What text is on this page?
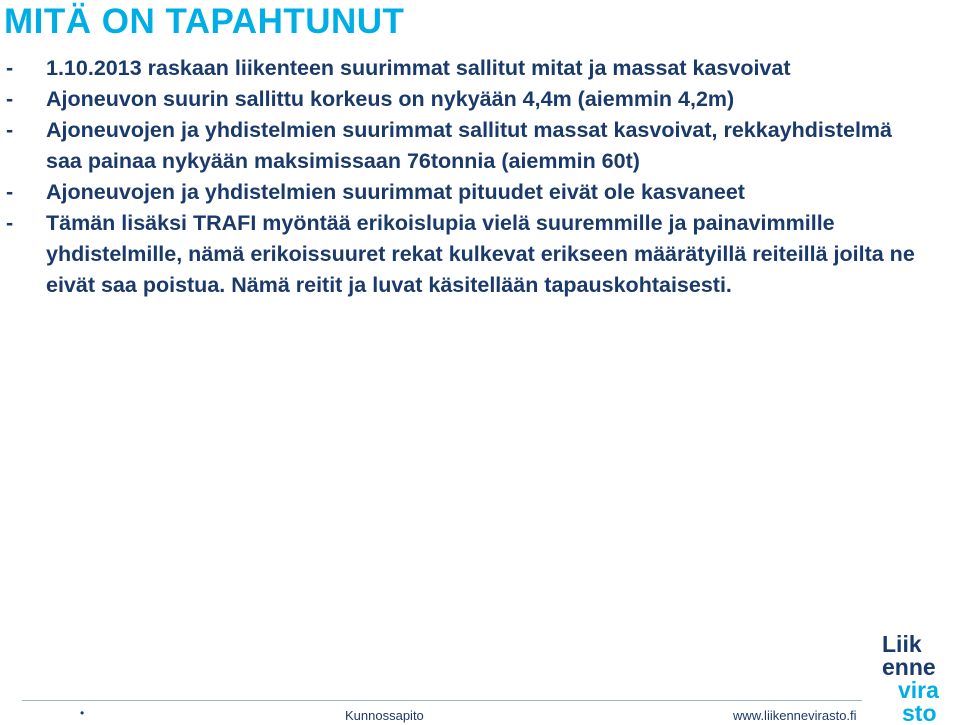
MITÄ ON TAPAHTUNUT
- 1.10.2013 raskaan liikenteen suurimmat sallitut mitat ja massat kasvoivat
- Ajoneuvon suurin sallittu korkeus on nykyään 4,4m (aiemmin 4,2m)
- Ajoneuvojen ja yhdistelmien suurimmat sallitut massat kasvoivat, rekkayhdistelmä saa painaa nykyään maksimissaan 76tonnia (aiemmin 60t)
- Ajoneuvojen ja yhdistelmien suurimmat pituudet eivät ole kasvaneet
- Tämän lisäksi TRAFI myöntää erikoislupia vielä suuremmille ja painavimmille yhdistelmille, nämä erikoissuuret rekat kulkevat erikseen määrätyillä reiteillä joilta ne eivät saa poistua. Nämä reitit ja luvat käsitellään tapauskohtaisesti.
•	Kunnossapito	www.liikennevirasto.fi
Liik
enne
vira
sto
